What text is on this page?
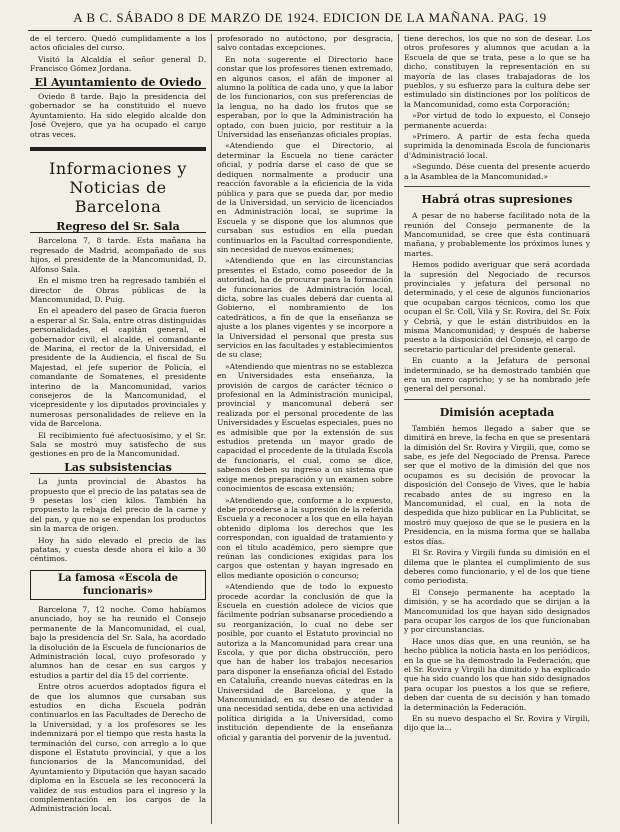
A B C. SÁBADO 8 DE MARZO DE 1924. EDICION DE LA MAÑANA. PAG. 19

de el tercero. Quedó cumplidamente a los actos oficiales del curso.

Visitó la Alcaldía el señor general D. Francisco Gómez Jordana.

El Ayuntamiento de Oviedo

Oviedo 8 tarde. Bajo la presidencia del gobernador se ha constituido el nuevo Ayuntamiento. Ha sido elegido alcalde don José Ovejero, que ya ha ocupado el cargo otras veces.

Informaciones y Noticias de Barcelona
Regreso del Sr. Sala

Barcelona 7, 8 tarde. Esta mañana ha regresado de Madrid, acompañado de sus hijos, el presidente de la Mancomunidad, D. Alfonso Sala.

En el mismo tren ha regresado también el director de Obras públicas de la Mancomunidad, D. Puig.

En el apeadero del paseo de Gracia fueron a esperar al Sr. Sala, entre otras distinguidas personalidades, el capitán general, el gobernador civil, el alcalde, el comandante de Marina, el rector de la Universidad, el presidente de la Audiencia, el fiscal de Su Majestad, el jefe superior de Policía, el comandante de Somatenes, el presidente interino de la Mancomunidad, varios consejeros de la Mancomunidad, el vicepresidente y los diputados provinciales y numerosas personalidades de relieve en la vida de Barcelona.

El recibimiento fué afectuosísimo, y el Sr. Sala se mostró muy satisfecho de sus gestiones en pro de la Mancomunidad.

Las subsistencias

La junta provincial de Abastos ha propuesto que el precio de las patatas sea de 9 pesetas los cien kilos. También ha propuesto la rebaja del precio de la carne y del pan, y que no se expendan los productos sin la marca de origen.

Hoy ha sido elevado el precio de las patatas, y cuesta desde ahora el kilo a 30 céntimos.

La famosa «Escola de funcionaris»

Barcelona 7, 12 noche. Como habíamos anunciado, hoy se ha reunido el Consejo permanente de la Mancomunidad, el cual, bajo la presidencia del Sr. Sala, ha acordado la disolución de la Escuela de funcionarios de Administración local, cuyo profesorado y alumnos han de cesar en sus cargos y estudios a partir del día 15 del corriente.

Entre otros acuerdos adoptados figura el de que los alumnos que cursaban sus estudios en dicha Escuela podrán continuarlos en las Facultades de Derecho de la Universidad, y a los profesores se les indemnizará por el tiempo que resta hasta la terminación del curso, con arreglo a lo que dispone el Estatuto provincial, y que a los funcionarios de la Mancomunidad, del Ayuntamiento y Diputación que hayan sacado diploma en la Escuela se les reconocerá la validez de sus estudios para el ingreso y la complementación en los cargos de la Administración local.

profesorado no autóctono, por desgracia, salvo contadas excepciones.

En nota sugerente el Directorio hace constar que los profesores tienen extremado, en algunos casos, el afán de imponer al alumno la política de cada uno, y que la labor de los funcionarios, con sus preferencias de la lengua, no ha dado los frutos que se esperaban, por lo que la Administración ha optado, con buen juicio, por restituir a la Universidad las enseñanzas oficiales propias.

«Atendiendo que el Directorio, al determinar la Escuela no tiene carácter oficial, y podría darse el caso de que se dediquen normalmente a producir una reacción favorable a la eficiencia de la vida pública y para que se pueda dar, por medio de la Universidad, un servicio de licenciados en Administración local, se suprime la Escuela y se dispone que los alumnos que cursaban sus estudios en ella puedan continuarlos en la Facultad correspondiente, sin necesidad de nuevos exámenes;

»Atendiendo que en las circunstancias presentes el Estado, como poseedor de la autoridad, ha de procurar para la formación de funcionarios de Administración local, dicta, sobre las cuales deberá dar cuenta al Gobierno, el nombramiento de los catedráticos, a fin de que la enseñanza se ajuste a los planes vigentes y se incorpore a la Universidad el personal que presta sus servicios en las facultades y establecimientos de su clase;

»Atendiendo que mientras no se establezca en Universidades esta enseñanza, la provisión de cargos de carácter técnico o profesional en la Administración municipal, provincial y mancomunal deberá ser realizada por el personal procedente de las Universidades y Escuelas especiales, pues no es admisible que por la extensión de sus estudios pretenda un mayor grado de capacidad el procedente de la titulada Escola de funcionaris, el cual, como se dice, sabemos deben su ingreso a un sistema que exige menos preparación y un examen sobre conocimientos de escasa extensión;

»Atendiendo que, conforme a lo expuesto, debe procederse a la supresión de la referida Escuela y a reconocer a los que en ella hayan obtenido diploma los derechos que les correspondan, con igualdad de tratamiento y con el título académico, pero siempre que reúnan las condiciones exigidas para los cargos que ostentan y hayan ingresado en ellos mediante oposición o concurso;

»Atendiendo que de todo lo expuesto procede acordar la conclusión de que la Escuela en cuestión adolece de vicios que fácilmente podrían subsanarse procediendo a su reorganización, lo cual no debe ser posible, por cuanto el Estatuto provincial no autoriza a la Mancomunidad para crear una Escola, y que por dicha obstrucción, pero que han de haber los trabajos necesarios para disponer la enseñanza oficial del Estado en Cataluña, creando nuevas cátedras en la Universidad de Barcelona, y que la Mancomunidad, en su deseo de atender a una necesidad sentida, debe en una actividad política dirigida a la Universidad, como institución dependiente de la enseñanza oficial y garantía del porvenir de la juventud.

tiene derechos, los que no son de desear. Los otros profesores y alumnos que acudan a la Escuela de que se trata, pese a lo que se ha dicho, constituyen la representación en su mayoría de las clases trabajadoras de los pueblos, y su esfuerzo para la cultura debe ser estimulado sin distinciones por los políticos de la Mancomunidad, como esta Corporación;

»Por virtud de todo lo expuesto, el Consejo permanente acuerda:

»Primero. A partir de esta fecha queda suprimida la denominada Escola de funcionaris d'Administració local.

»Segundo. Dése cuenta del presente acuerdo a la Asamblea de la Mancomunidad.»

Habrá otras supresiones

A pesar de no haberse facilitado nota de la reunión del Consejo permanente de la Mancomunidad, se cree que ésta continuará mañana, y probablemente los próximos lunes y martes.

Hemos podido averiguar que será acordada la supresión del Negociado de recursos provinciales y jefatura del personal no determinado, y el cese de algunos funcionarios que ocupaban cargos técnicos, como los que ocupan el Sr. Coll, Vilá y Sr. Rovira, del Sr. Foix y Cebrià, y que le están distribuidos en la misma Mancomunidad; y después de haberse puesto a la disposición del Consejo, el cargo de secretario particular del presidente general.

En cuanto a la Jefatura de personal indeterminado, se ha demostrado también que era un mero capricho; y se ha nombrado jefe general del personal.

Dimisión aceptada

También hemos llegado a saber que se dimitirá en breve, la fecha en que se presentará la dimisión del Sr. Rovira y Virgili, que, como se sabe, es jefe del Negociado de Prensa. Parece ser que el motivo de la dimisión del que nos ocupamos es su decisión de provocar la disposición del Consejo de Vives, que le había recabado antes de su ingreso en la Mancomunidad, el cual, en la nota de despedida que hizo publicar en La Publicitat, se mostró muy quejoso de que se le pusiera en la Presidencia, en la misma forma que se hallaba estos días.

El Sr. Rovira y Virgili funda su dimisión en el dilema que le plantea el cumplimiento de sus deberes como funcionario, y el de los que tiene como periodista.

El Consejo permanente ha aceptado la dimisión, y se ha acordado que se dirijan a la Mancomunidad los que hayan sido designados para ocupar los cargos de los que funcionaban y por circunstancias.

Hace unos días que, en una reunión, se ha hecho pública la noticia hasta en los periódicos, en la que se ha demostrado la Federación, que el Sr. Rovira y Virgili ha dimitido y ha explicado que ha sido cuando los que han sido designados para ocupar los puestos a los que se refiere, deben dar cuenta de su decisión y han tomado la determinación la Federación.

En su nuevo despacho el Sr. Rovira y Virgili, dijo que la...
